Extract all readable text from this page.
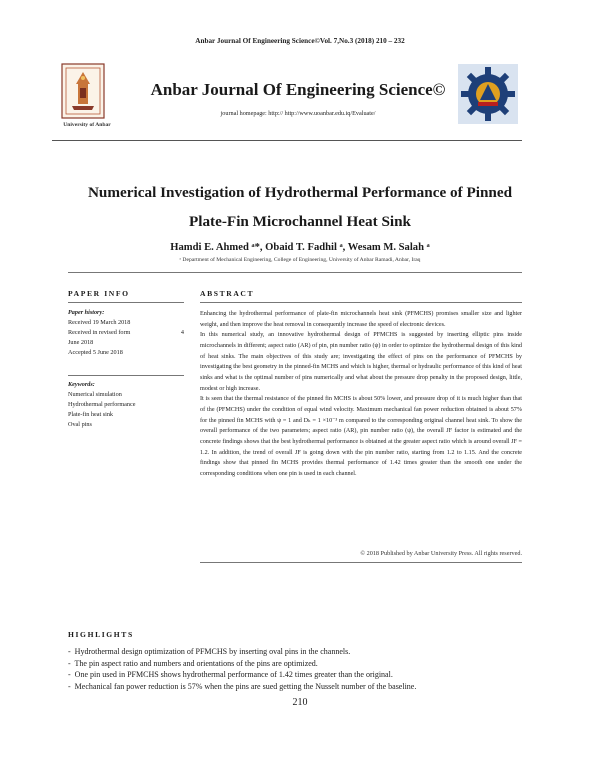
Anbar Journal Of Engineering Science©Vol. 7,No.3 (2018) 210 – 232
University of Anbar
Anbar Journal Of Engineering Science©
journal homepage: http:// http://www.uoanbar.edu.iq/Evaluate/
Numerical Investigation of Hydrothermal Performance of Pinned
Plate-Fin Microchannel Heat Sink
Hamdi E. Ahmed ᵃ*, Obaid T. Fadhil ᵃ, Wesam M. Salah ᵃ
ᵃ Department of Mechanical Engineering, College of Engineering, University of Anbar Ramadi, Anbar, Iraq
PAPER INFO
Paper history:
Received 19 March 2018
Received in revised form	4
June 2018
Accepted 5 June 2018
Keywords:
Numerical simulation
Hydrothermal performance
Plate-fin heat sink
Oval pins
ABSTRACT

Enhancing the hydrothermal performance of plate-fin microchannels heat sink (PFMCHS) promises smaller size and lighter weight, and then improve the heat removal in consequently increase the speed of electronic devices.

In this numerical study, an innovative hydrothermal design of PFMCHS is suggested by inserting elliptic pins inside microchannels in different; aspect ratio (AR) of pin, pin number ratio (ψ) in order to optimize the hydrothermal design of this kind of heat sinks. The main objectives of this study are; investigating the effect of pins on the performance of PFMCHS by investigating the best geometry in the pinned-fin MCHS and which is higher, thermal or hydraulic performance of this kind of heat sinks and what is the optimal number of pins numerically and what about the pressure drop penalty in the proposed design, little, modest or high increase.

It is seen that the thermal resistance of the pinned fin MCHS is about 50% lower, and pressure drop of it is much higher than that of the (PFMCHS) under the condition of equal wind velocity. Maximum mechanical fan power reduction obtained is about 57% for the pinned fin MCHS with ψ = 1 and Dₕ = 1 ×10⁻³ m compared to the corresponding original channel heat sink. To show the overall performance of the two parameters; aspect ratio (AR), pin number ratio (ψ), the overall JF factor is estimated and the concrete findings shows that the best hydrothermal performance is obtained at the greater aspect ratio which is around overall JF = 1.2. In addition, the trend of overall JF is going down with the pin number ratio, starting from 1.2 to 1.15. And the concrete findings show that pinned fin MCHS provides thermal performance of 1.42 times greater than the smooth one under the corresponding conditions when one pin is used in each channel.

© 2018 Published by Anbar University Press. All rights reserved.
HIGHLIGHTS
-  Hydrothermal design optimization of PFMCHS by inserting oval pins in the channels.
-  The pin aspect ratio and numbers and orientations of the pins are optimized.
-  One pin used in PFMCHS shows hydrothermal performance of 1.42 times greater than the original.
-  Mechanical fan power reduction is 57% when the pins are sued getting the Nusselt number of the baseline.
210
